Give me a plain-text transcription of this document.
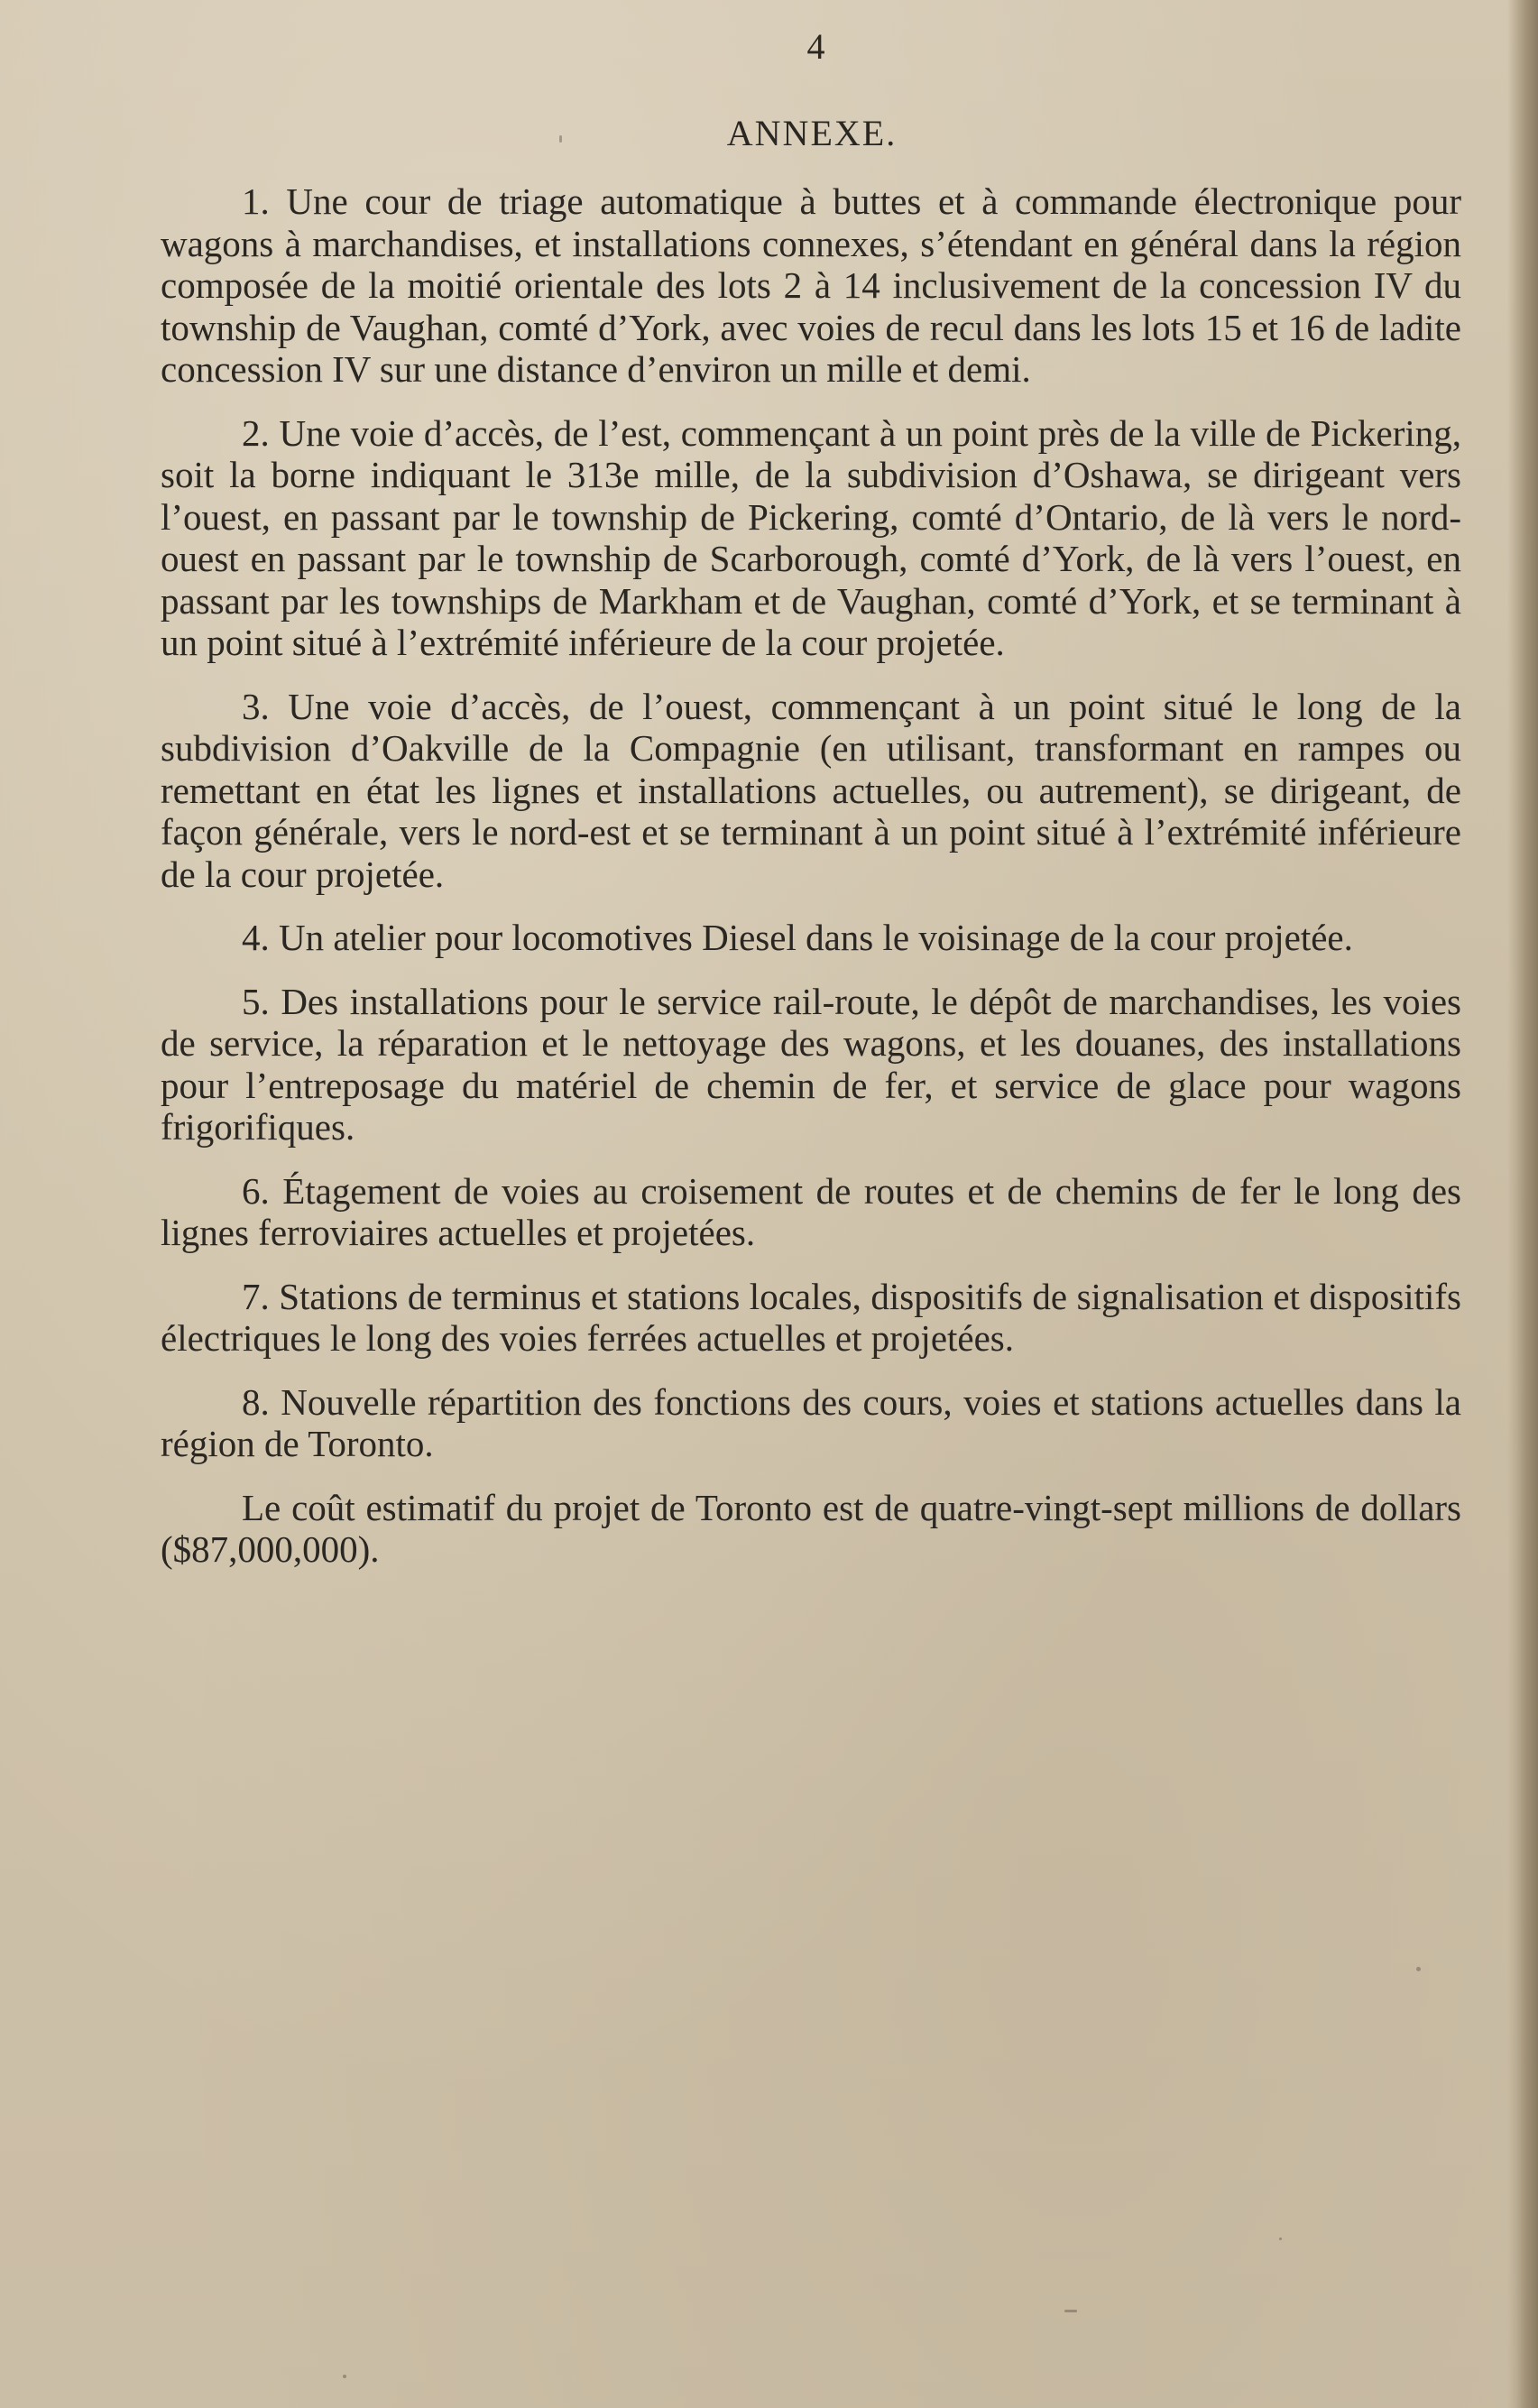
4
ANNEXE.

1. Une cour de triage automatique à buttes et à commande électronique pour wagons à marchandises, et installations connexes, s’étendant en général dans la région composée de la moitié orientale des lots 2 à 14 inclusivement de la concession IV du township de Vaughan, comté d’York, avec voies de recul dans les lots 15 et 16 de ladite concession IV sur une distance d’environ un mille et demi.

2. Une voie d’accès, de l’est, commençant à un point près de la ville de Pickering, soit la borne indiquant le 313e mille, de la subdivision d’Oshawa, se dirigeant vers l’ouest, en passant par le township de Pickering, comté d’Ontario, de là vers le nord-ouest en passant par le township de Scarborough, comté d’York, de là vers l’ouest, en passant par les townships de Markham et de Vaughan, comté d’York, et se terminant à un point situé à l’extrémité inférieure de la cour projetée.

3. Une voie d’accès, de l’ouest, commençant à un point situé le long de la subdivision d’Oakville de la Compagnie (en utilisant, transformant en rampes ou remettant en état les lignes et installations actuelles, ou autrement), se dirigeant, de façon générale, vers le nord-est et se terminant à un point situé à l’extrémité inférieure de la cour projetée.

4. Un atelier pour locomotives Diesel dans le voisinage de la cour projetée.

5. Des installations pour le service rail-route, le dépôt de marchandises, les voies de service, la réparation et le nettoyage des wagons, et les douanes, des installations pour l’entreposage du matériel de chemin de fer, et service de glace pour wagons frigorifiques.

6. Étagement de voies au croisement de routes et de chemins de fer le long des lignes ferroviaires actuelles et projetées.

7. Stations de terminus et stations locales, dispositifs de signalisation et dispositifs électriques le long des voies ferrées actuelles et projetées.

8. Nouvelle répartition des fonctions des cours, voies et stations actuelles dans la région de Toronto.

Le coût estimatif du projet de Toronto est de quatre-vingt-sept millions de dollars ($87,000,000).
